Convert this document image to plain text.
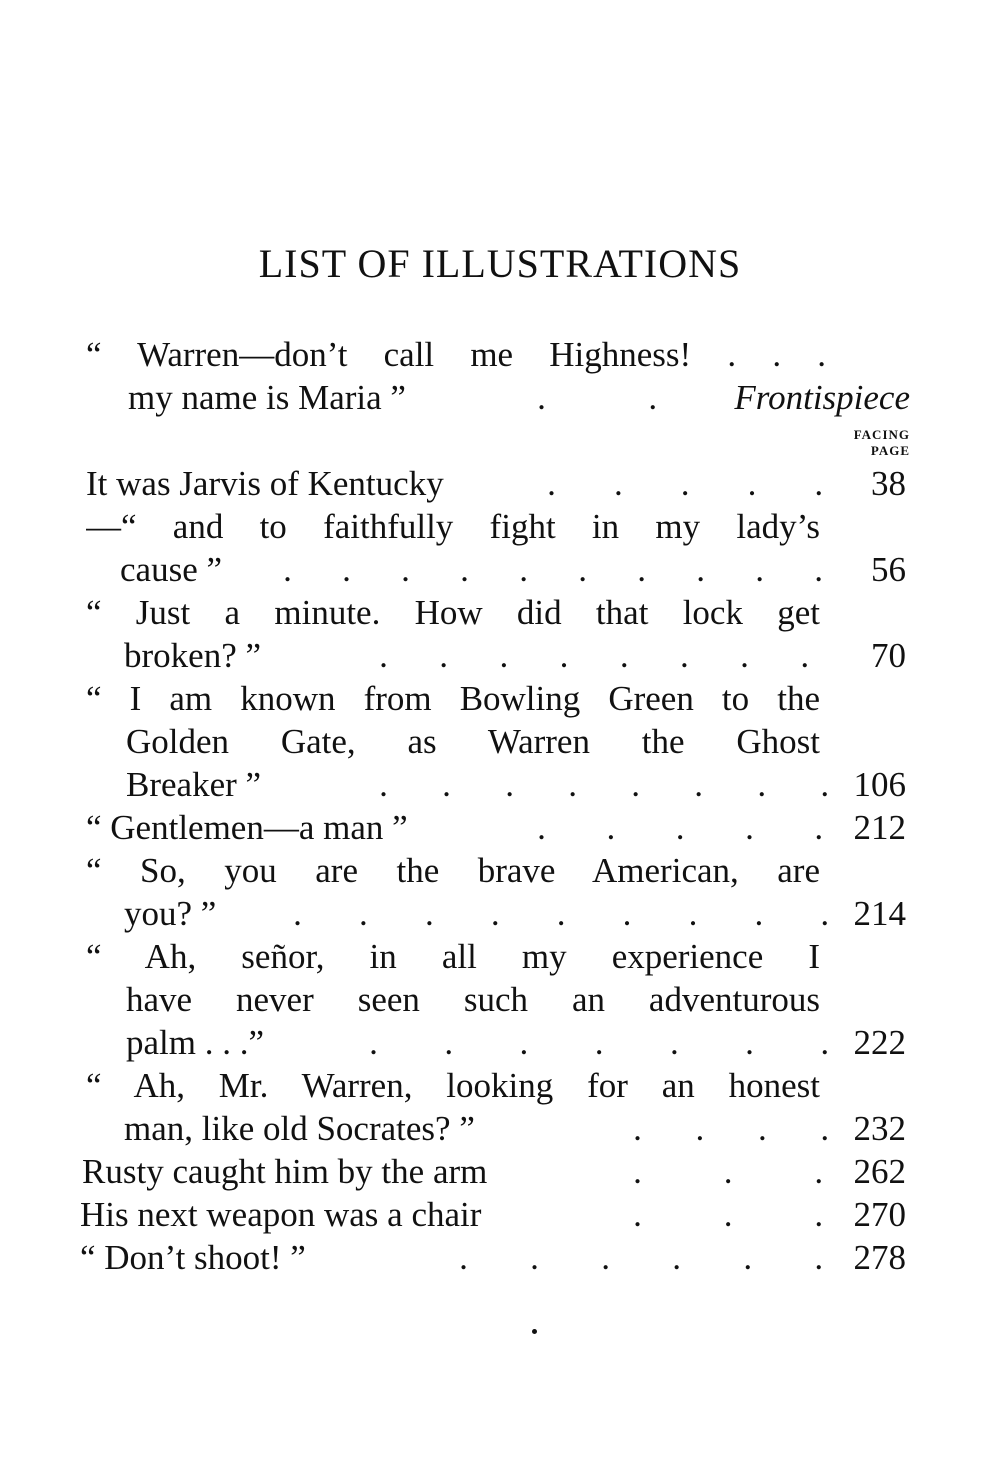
LIST OF ILLUSTRATIONS
“ Warren—don’t call me Highness! . . .
my name is Maria ”	.	.	Frontispiece
FACING
PAGE
It was Jarvis of Kentucky	. . . . .	38
—“ and to faithfully fight in my lady’s
cause ”	. . . . . . . . . .	56
“ Just a minute. How did that lock get
broken? ”	. . . . . . . .	70
“ I am known from Bowling Green to the
Golden Gate, as Warren the Ghost
Breaker ”	. . . . . . . . 106
“ Gentlemen—a man ”	. . . . . 212
“ So, you are the brave American, are
you? ”	. . . . . . . . . 214
“ Ah, señor, in all my experience I
have never seen such an adventurous
palm . . .”	. . . . . . . 222
“ Ah, Mr. Warren, looking for an honest
man, like old Socrates? ”	. . . . 232
Rusty caught him by the arm	. . . 262
His next weapon was a chair	. . . 270
“ Don’t shoot! ”	. . . . . . 278
